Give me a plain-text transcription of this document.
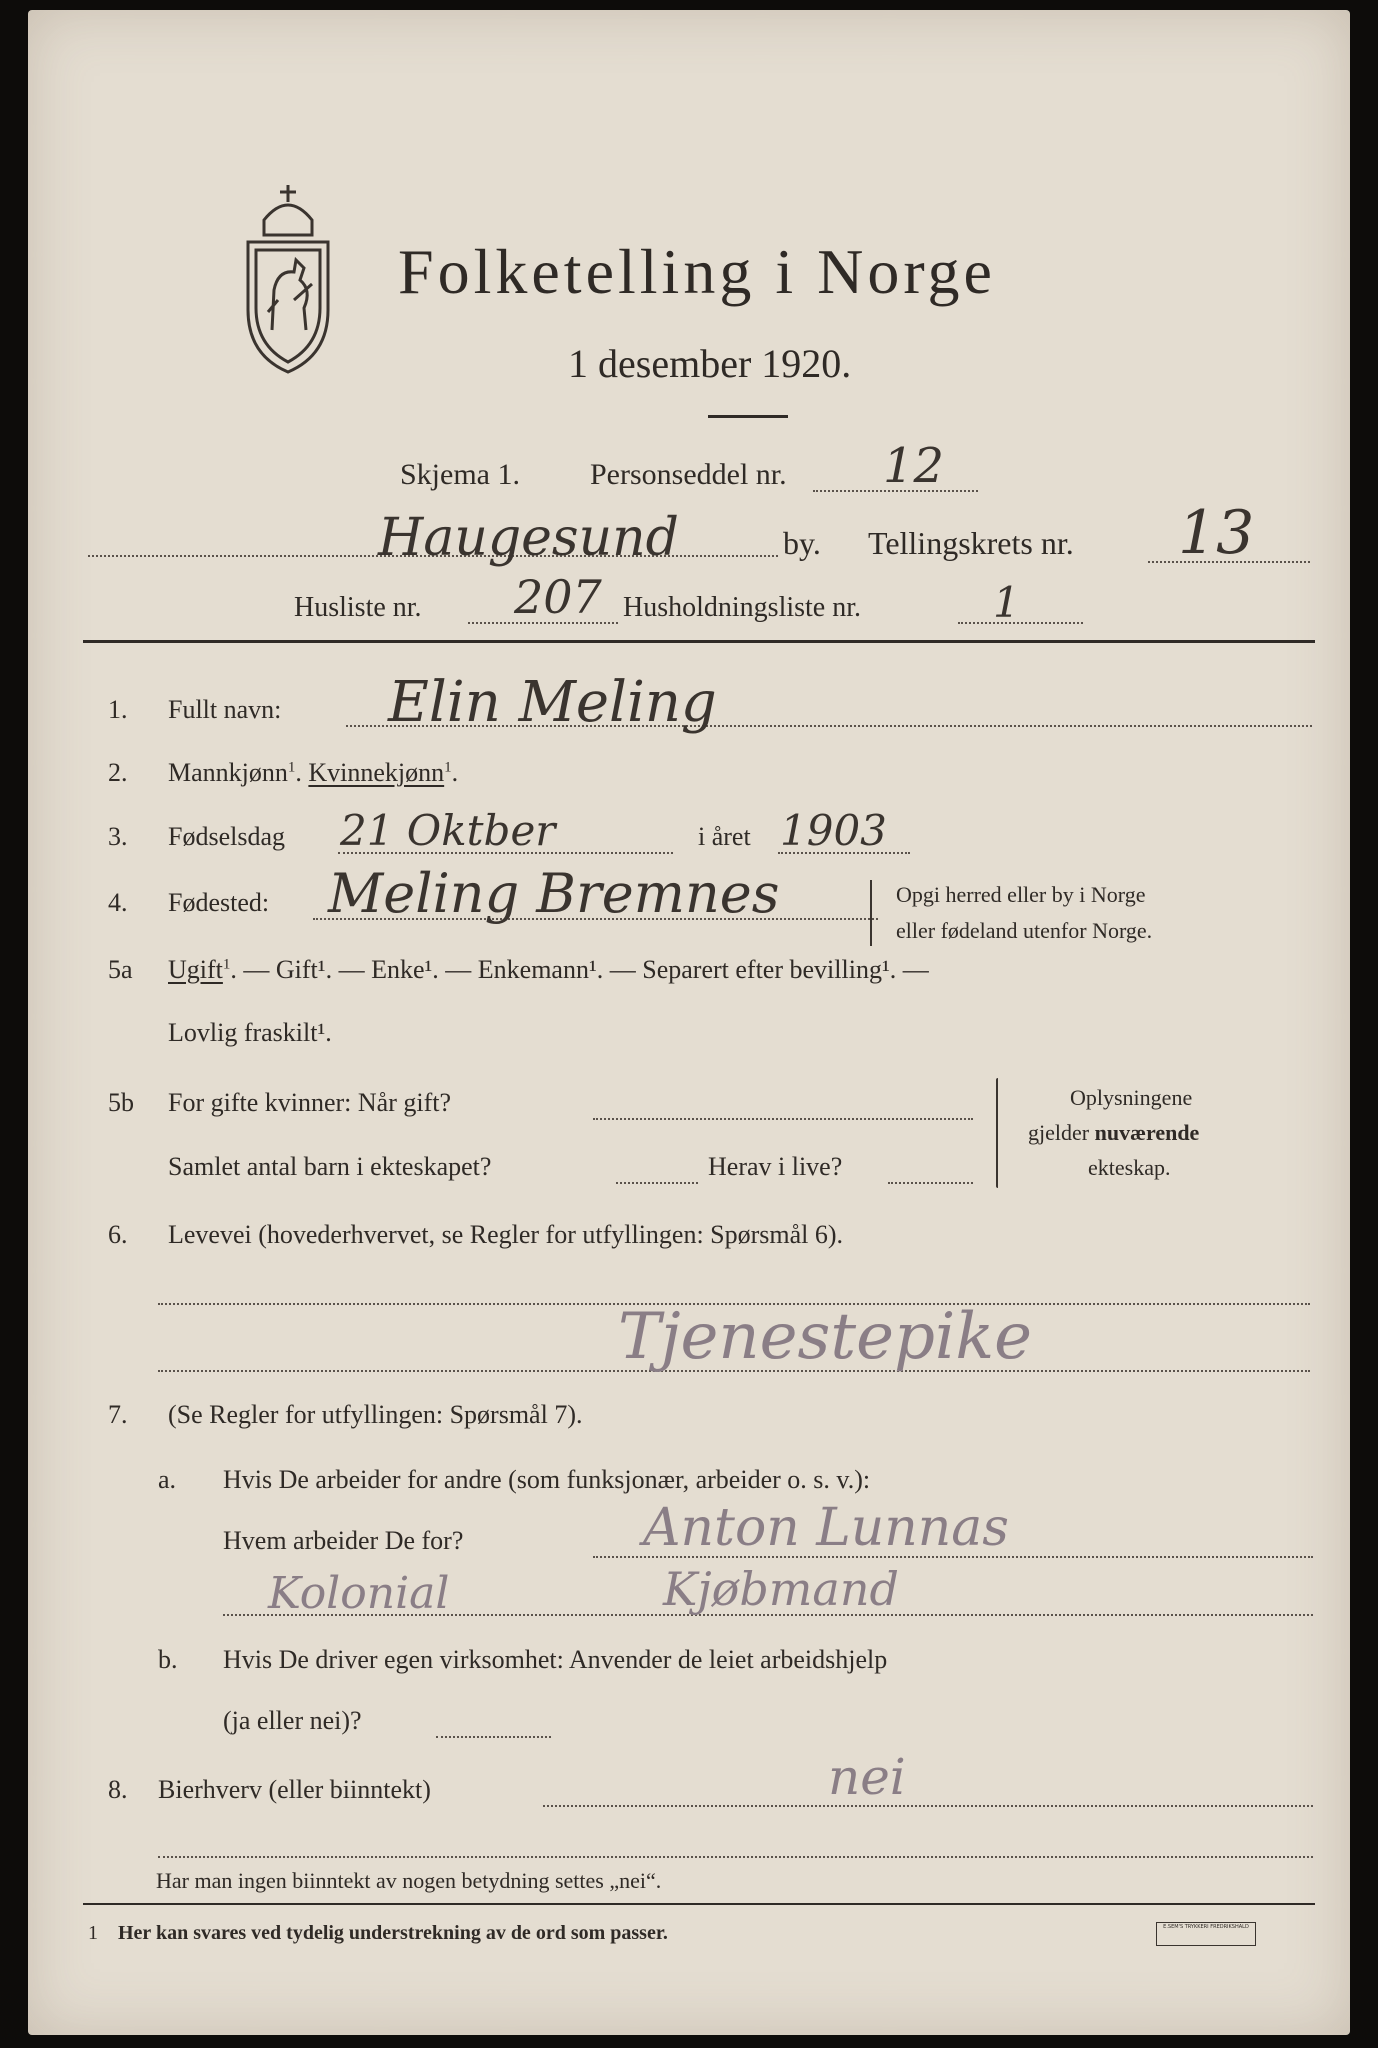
Folketelling i Norge
1 desember 1920.
Skjema 1. Personseddel nr. 12
Haugesund	by. Tellingskrets nr. 13
Husliste nr. 207 Husholdningsliste nr.	1
1. Fullt navn: Elin Meling
2. Mannkjønn$^1$. Kvinnekjønn$^1$.
3. Fødselsdag 21 Oktber	i året 1903
4. Fødested: Meling Bremnes	Opgi herred eller by i Norge
eller fødeland utenfor Norge.
5a Ugift$^1$. — Gift¹. — Enke¹. — Enkemann¹. — Separert efter bevilling¹. —
Lovlig fraskilt¹.
5b For gifte kvinner: Når gift?
Samlet antal barn i ekteskapet?	Herav i live?
Oplysningene
gjelder nuværende
ekteskap.
6. Levevei (hovederhvervet, se Regler for utfyllingen: Spørsmål 6).
Tjenestepike
7. (Se Regler for utfyllingen: Spørsmål 7).
a. Hvis De arbeider for andre (som funksjonær, arbeider o. s. v.):
Hvem arbeider De for?	Anton Lunnas
Kolonial	Kjøbmand
b. Hvis De driver egen virksomhet: Anvender de leiet arbeidshjelp
(ja eller nei)?
8. Bierhverv (eller biinntekt)	nei
Har man ingen biinntekt av nogen betydning settes „nei“.
1 Her kan svares ved tydelig understrekning av de ord som passer.	E.SEM'S TRYKKERI FREDRIKSHALD
